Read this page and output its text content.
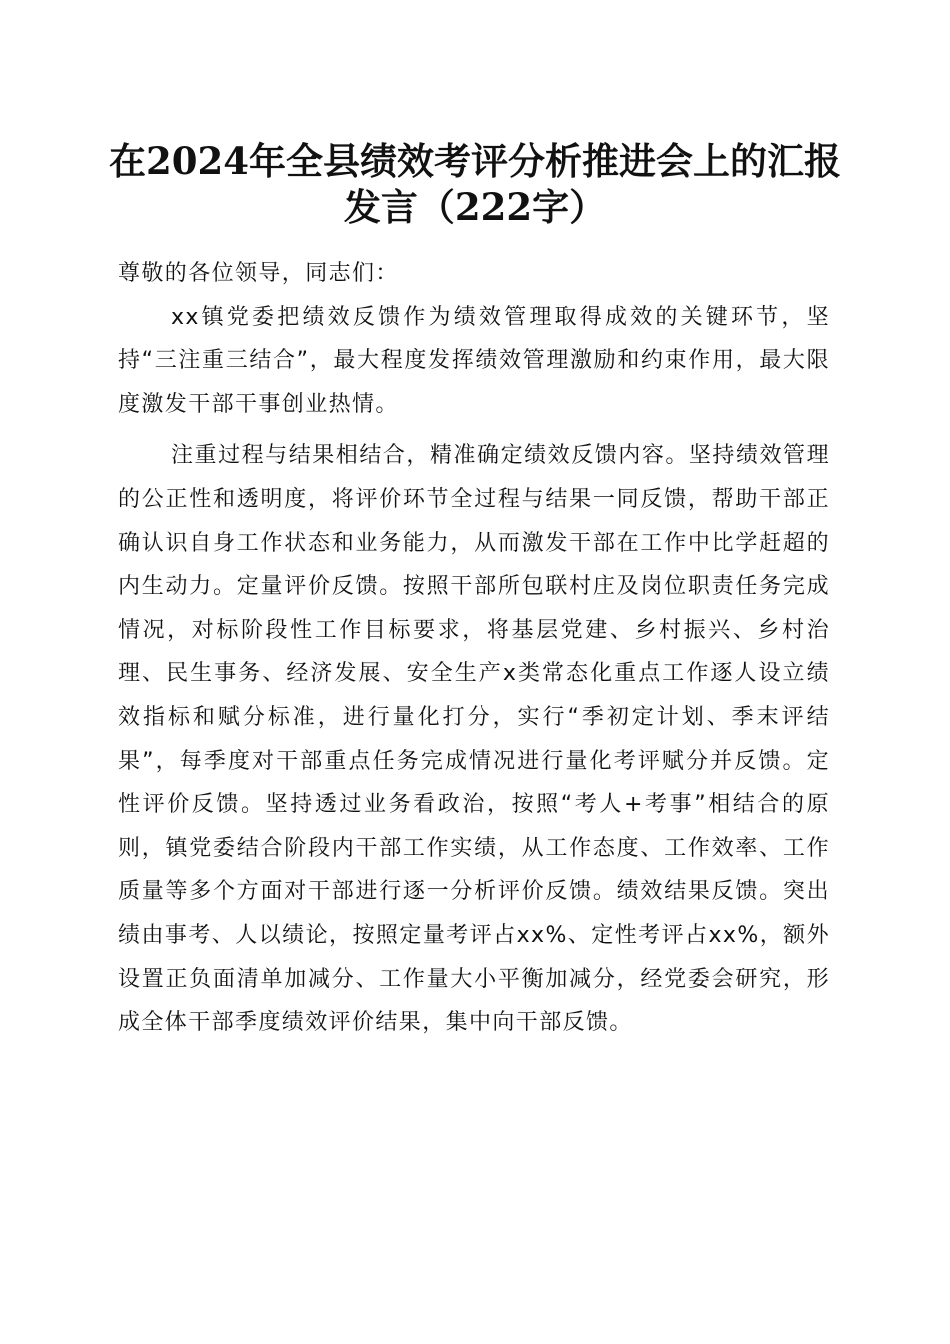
在2024年全县绩效考评分析推进会上的汇报
发言（222字）

尊敬的各位领导，同志们：

xx镇党委把绩效反馈作为绩效管理取得成效的关键环节，坚持“三注重三结合”，最大程度发挥绩效管理激励和约束作用，最大限度激发干部干事创业热情。

注重过程与结果相结合，精准确定绩效反馈内容。坚持绩效管理的公正性和透明度，将评价环节全过程与结果一同反馈，帮助干部正确认识自身工作状态和业务能力，从而激发干部在工作中比学赶超的内生动力。定量评价反馈。按照干部所包联村庄及岗位职责任务完成情况，对标阶段性工作目标要求，将基层党建、乡村振兴、乡村治理、民生事务、经济发展、安全生产x类常态化重点工作逐人设立绩效指标和赋分标准，进行量化打分，实行“季初定计划、季末评结果”，每季度对干部重点任务完成情况进行量化考评赋分并反馈。定性评价反馈。坚持透过业务看政治，按照“考人+考事”相结合的原则，镇党委结合阶段内干部工作实绩，从工作态度、工作效率、工作质量等多个方面对干部进行逐一分析评价反馈。绩效结果反馈。突出绩由事考、人以绩论，按照定量考评占xx%、定性考评占xx%，额外设置正负面清单加减分、工作量大小平衡加减分，经党委会研究，形成全体干部季度绩效评价结果，集中向干部反馈。
